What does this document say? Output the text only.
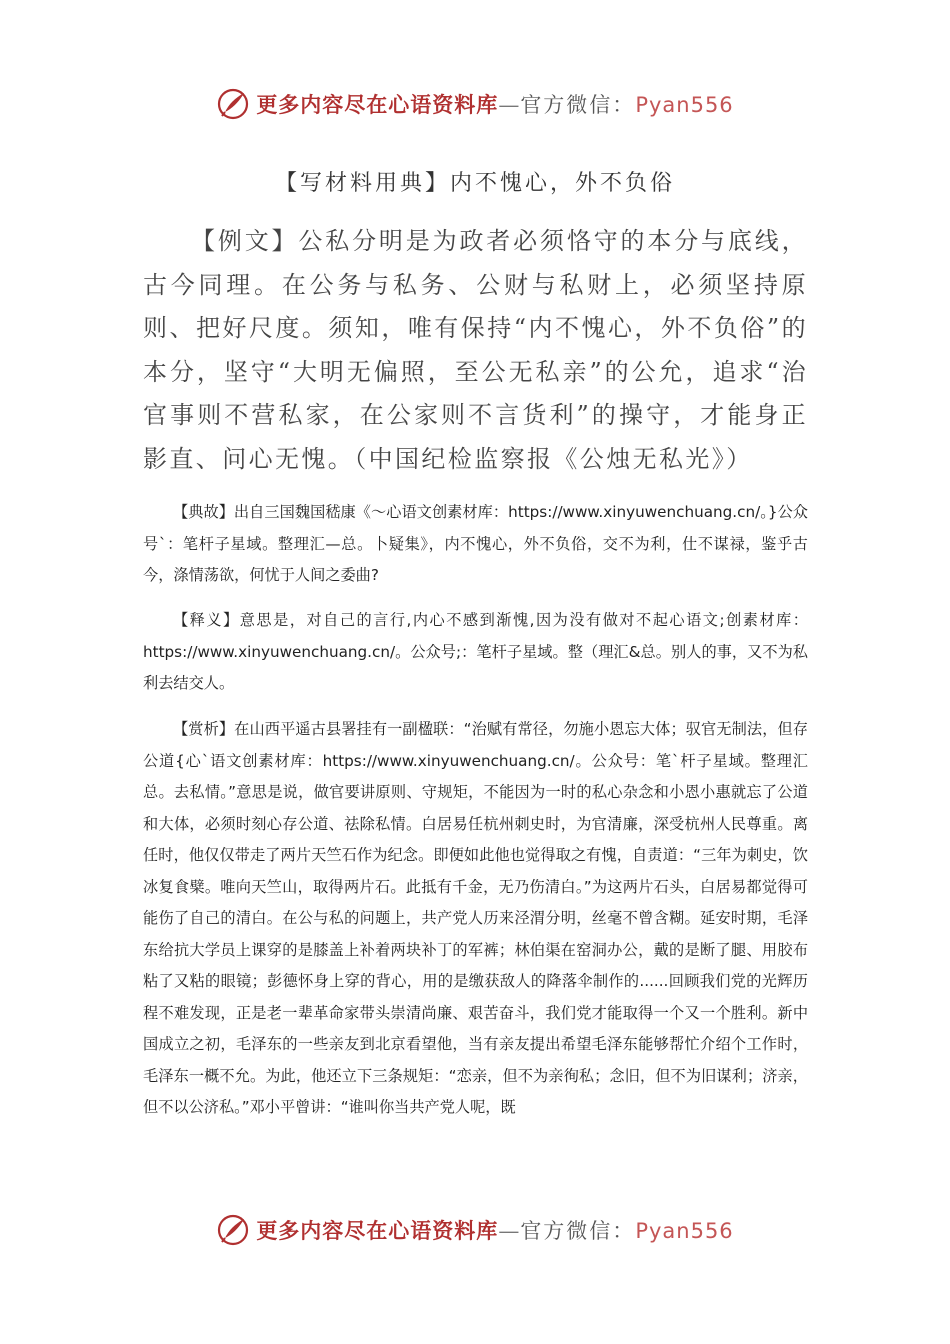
更多内容尽在心语资料库—官方微信：Pyan556
【写材料用典】内不愧心，外不负俗

【例文】公私分明是为政者必须恪守的本分与底线，古今同理。在公务与私务、公财与私财上，必须坚持原则、把好尺度。须知，唯有保持“内不愧心，外不负俗”的本分，坚守“大明无偏照，至公无私亲”的公允，追求“治官事则不营私家，在公家则不言货利”的操守，才能身正影直、问心无愧。（中国纪检监察报《公烛无私光》）

【典故】出自三国魏国嵇康《～心语文创素材库：https://www.xinyuwenchuang.cn/。}公众号`：笔杆子星域。整理汇—总。卜疑集》，内不愧心，外不负俗，交不为利，仕不谋禄，鉴乎古今，涤情荡欲，何忧于人间之委曲?

【释义】意思是，对自己的言行,内心不感到渐愧,因为没有做对不起心语文;创素材库：https://www.xinyuwenchuang.cn/。公众号;：笔杆子星域。整（理汇&总。别人的事，又不为私利去结交人。

【赏析】在山西平遥古县署挂有一副楹联：“治赋有常径，勿施小恩忘大体；驭官无制法，但存公道{心`语文创素材库：https://www.xinyuwenchuang.cn/。公众号：笔`杆子星域。整理汇总。去私情。”意思是说，做官要讲原则、守规矩，不能因为一时的私心杂念和小恩小惠就忘了公道和大体，必须时刻心存公道、祛除私情。白居易任杭州刺史时，为官清廉，深受杭州人民尊重。离任时，他仅仅带走了两片天竺石作为纪念。即便如此他也觉得取之有愧，自责道：“三年为刺史，饮冰复食檗。唯向天竺山，取得两片石。此抵有千金，无乃伤清白。”为这两片石头，白居易都觉得可能伤了自己的清白。在公与私的问题上，共产党人历来泾渭分明，丝毫不曾含糊。延安时期，毛泽东给抗大学员上课穿的是膝盖上补着两块补丁的军裤；林伯渠在窑洞办公，戴的是断了腿、用胶布粘了又粘的眼镜；彭德怀身上穿的背心，用的是缴获敌人的降落伞制作的......回顾我们党的光辉历程不难发现，正是老一辈革命家带头崇清尚廉、艰苦奋斗，我们党才能取得一个又一个胜利。新中国成立之初，毛泽东的一些亲友到北京看望他，当有亲友提出希望毛泽东能够帮忙介绍个工作时，毛泽东一概不允。为此，他还立下三条规矩：“恋亲，但不为亲徇私；念旧，但不为旧谋利；济亲，但不以公济私。”邓小平曾讲：“谁叫你当共产党人呢，既

更多内容尽在心语资料库—官方微信：Pyan556
